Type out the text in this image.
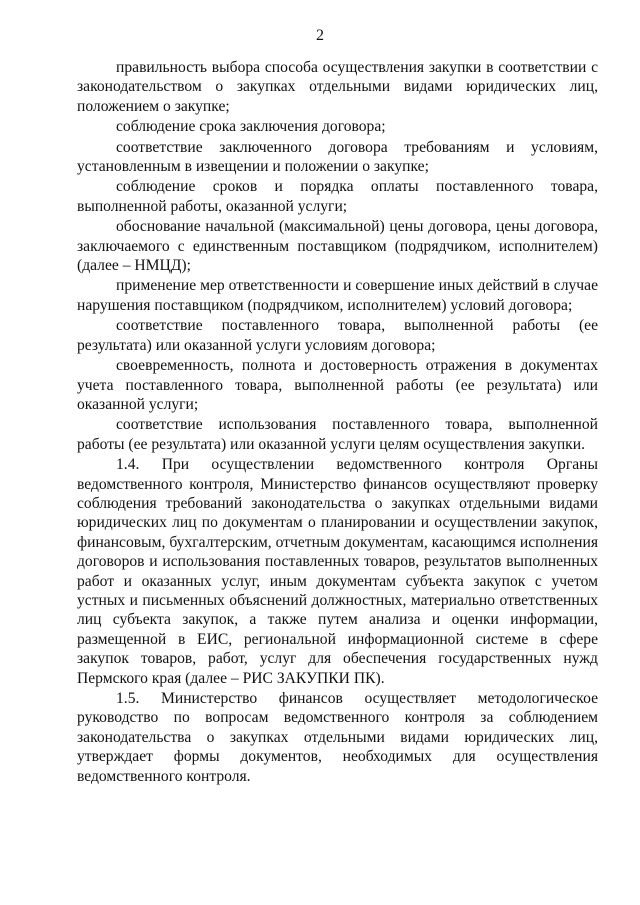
2

правильность выбора способа осуществления закупки в соответствии с законодательством о закупках отдельными видами юридических лиц, положением о закупке;

соблюдение срока заключения договора;

соответствие заключенного договора требованиям и условиям, установленным в извещении и положении о закупке;

соблюдение сроков и порядка оплаты поставленного товара, выполненной работы, оказанной услуги;

обоснование начальной (максимальной) цены договора, цены договора, заключаемого с единственным поставщиком (подрядчиком, исполнителем) (далее – НМЦД);

применение мер ответственности и совершение иных действий в случае нарушения поставщиком (подрядчиком, исполнителем) условий договора;

соответствие поставленного товара, выполненной работы (ее результата) или оказанной услуги условиям договора;

своевременность, полнота и достоверность отражения в документах учета поставленного товара, выполненной работы (ее результата) или оказанной услуги;

соответствие использования поставленного товара, выполненной работы (ее результата) или оказанной услуги целям осуществления закупки.

1.4. При осуществлении ведомственного контроля Органы ведомственного контроля, Министерство финансов осуществляют проверку соблюдения требований законодательства о закупках отдельными видами юридических лиц по документам о планировании и осуществлении закупок, финансовым, бухгалтерским, отчетным документам, касающимся исполнения договоров и использования поставленных товаров, результатов выполненных работ и оказанных услуг, иным документам субъекта закупок с учетом устных и письменных объяснений должностных, материально ответственных лиц субъекта закупок, а также путем анализа и оценки информации, размещенной в ЕИС, региональной информационной системе в сфере закупок товаров, работ, услуг для обеспечения государственных нужд Пермского края (далее – РИС ЗАКУПКИ ПК).

1.5. Министерство финансов осуществляет методологическое руководство по вопросам ведомственного контроля за соблюдением законодательства о закупках отдельными видами юридических лиц, утверждает формы документов, необходимых для осуществления ведомственного контроля.
